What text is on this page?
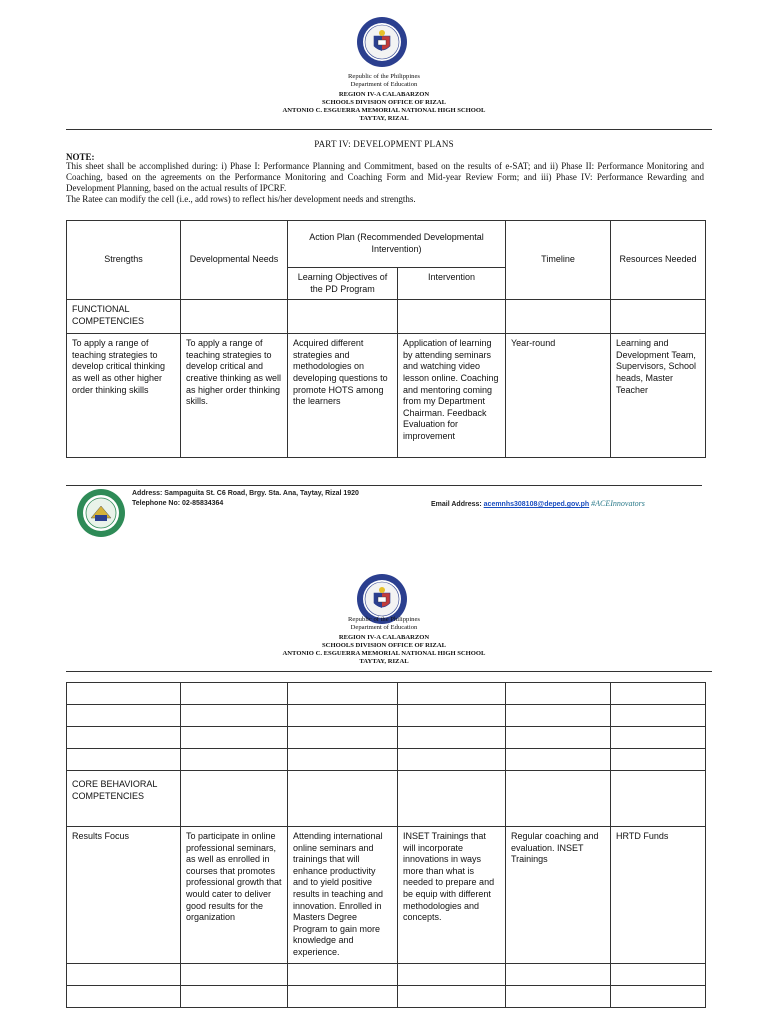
Republic of the Philippines
Department of Education
REGION IV-A CALABARZON
SCHOOLS DIVISION OFFICE OF RIZAL
ANTONIO C. ESGUERRA MEMORIAL NATIONAL HIGH SCHOOL
TAYTAY, RIZAL
PART IV: DEVELOPMENT PLANS
NOTE:
This sheet shall be accomplished during: i) Phase I: Performance Planning and Commitment, based on the results of e-SAT; and ii) Phase II: Performance Monitoring and Coaching, based on the agreements on the Performance Monitoring and Coaching Form and Mid-year Review Form; and iii) Phase IV: Performance Rewarding and Development Planning, based on the actual results of IPCRF.
The Ratee can modify the cell (i.e., add rows) to reflect his/her development needs and strengths.
Strengths	Developmental Needs	Action Plan (Recommended Developmental Intervention)		Timeline	Resources Needed
		Learning Objectives of the PD Program	Intervention		
FUNCTIONAL COMPETENCIES					
To apply a range of teaching strategies to develop critical thinking as well as other higher order thinking skills	To apply a range of teaching strategies to develop critical and creative thinking as well as higher order thinking skills.	Acquired different strategies and methodologies on developing questions to promote HOTS among the learners	Application of learning by attending seminars and watching video lesson online. Coaching and mentoring coming from my Department Chairman. Feedback Evaluation for improvement	Year-round	Learning and Development Team, Supervisors, School heads, Master Teacher
Address: Sampaguita St. C6 Road, Brgy. Sta. Ana, Taytay, Rizal 1920
Telephone No: 02-85834364	Email Address: acemnhs308108@deped.gov.ph #ACEInnovators
Republic of the Philippines
Department of Education
REGION IV-A CALABARZON
SCHOOLS DIVISION OFFICE OF RIZAL
ANTONIO C. ESGUERRA MEMORIAL NATIONAL HIGH SCHOOL
TAYTAY, RIZAL

CORE BEHAVIORAL COMPETENCIES					
Results Focus	To participate in online professional seminars, as well as enrolled in courses that promotes professional growth that would cater to deliver good results for the organization	Attending international online seminars and trainings that will enhance productivity and to yield positive results in teaching and innovation. Enrolled in Masters Degree Program to gain more knowledge and experience.	INSET Trainings that will incorporate innovations in ways more than what is needed to prepare and be equip with different methodologies and concepts.	Regular coaching and evaluation. INSET Trainings	HRTD Funds
